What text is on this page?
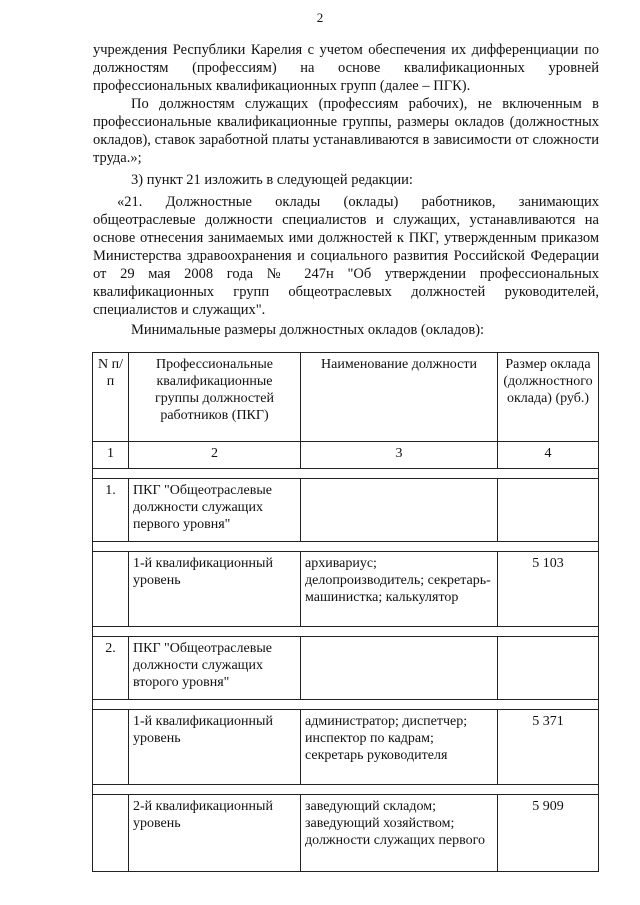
2

учреждения Республики Карелия с учетом обеспечения их дифференциации по должностям (профессиям) на основе квалификационных уровней профессиональных квалификационных групп (далее – ПГК).

По должностям служащих (профессиям рабочих), не включенным в профессиональные квалификационные группы, размеры окладов (должностных окладов), ставок заработной платы устанавливаются в зависимости от сложности труда.»;

3) пункт 21 изложить в следующей редакции:

«21. Должностные оклады (оклады) работников, занимающих общеотраслевые должности специалистов и служащих, устанавливаются на основе отнесения занимаемых ими должностей к ПКГ, утвержденным приказом Министерства здравоохранения и социального развития Российской Федерации от 29 мая 2008 года № 247н "Об утверждении профессиональных квалификационных групп общеотраслевых должностей руководителей, специалистов и служащих".

Минимальные размеры должностных окладов (окладов):

N п/п	Профессиональные квалификационные группы должностей работников (ПКГ)	Наименование должности	Размер оклада (должностного оклада) (руб.)
1	2	3	4

1.	ПКГ "Общеотраслевые должности служащих первого уровня"		

	1-й квалификационный уровень	архивариус; делопроизводитель; секретарь-машинистка; калькулятор	5 103

2.	ПКГ "Общеотраслевые должности служащих второго уровня"		

	1-й квалификационный уровень	администратор; диспетчер; инспектор по кадрам; секретарь руководителя	5 371

	2-й квалификационный уровень	заведующий складом; заведующий хозяйством; должности служащих первого	5 909
